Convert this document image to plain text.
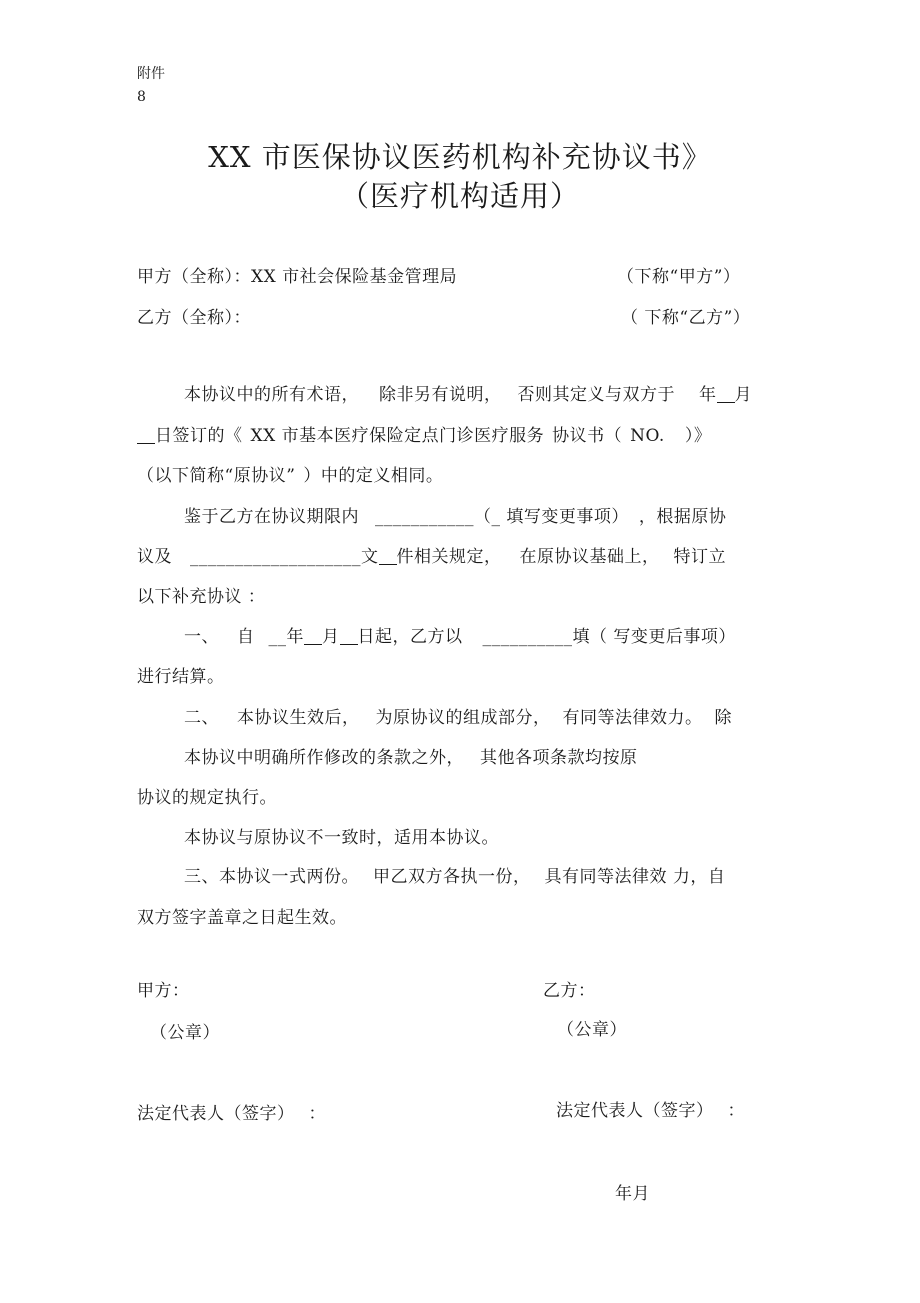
附件
8
XX 市医保协议医药机构补充协议书》
（医疗机构适用）
甲方（全称）：XX 市社会保险基金管理局	（下称“甲方”）
乙方（全称）：	（ 下称“乙方”）
本协议中的所有术语， 除非另有说明， 否则其定义与双方于 年 月
日签订的《 XX 市基本医疗保险定点门诊医疗服务 协议书（ NO. ）》
（以下简称“原协议” ）中的定义相同。
鉴于乙方在协议期限内 ___________（_ 填写变更事项） ，根据原协
议及 ___________________文 件相关规定， 在原协议基础上， 特订立
以下补充协议 ：
一、 自 __年 月 日起，乙方以 __________填（ 写变更后事项）
进行结算。
二、 本协议生效后， 为原协议的组成部分， 有同等法律效力。 除
本协议中明确所作修改的条款之外， 其他各项条款均按原
协议的规定执行。
本协议与原协议不一致时，适用本协议。
三、本协议一式两份。 甲乙双方各执一份， 具有同等法律效 力，自
双方签字盖章之日起生效。
甲方：	乙方：
（公章）	（公章）
法定代表人（签字） ：	法定代表人（签字） ：
年月
